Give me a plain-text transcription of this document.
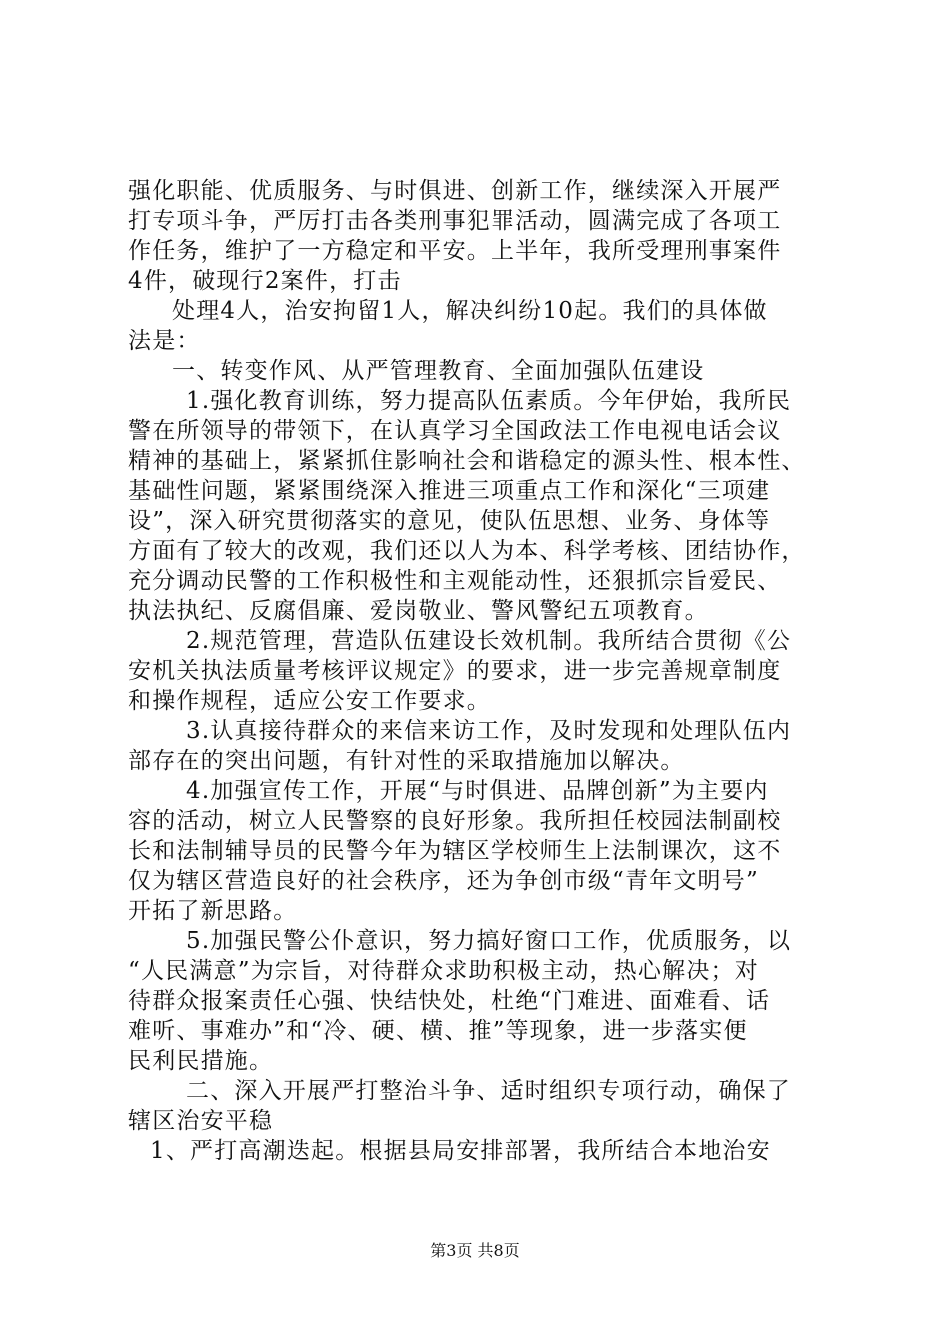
强化职能、优质服务、与时俱进、创新工作，继续深入开展严
打专项斗争，严厉打击各类刑事犯罪活动，圆满完成了各项工
作任务，维护了一方稳定和平安。上半年，我所受理刑事案件
4件，破现行2案件，打击
处理4人，治安拘留1人，解决纠纷10起。我们的具体做
法是：
一、转变作风、从严管理教育、全面加强队伍建设
1.强化教育训练，努力提高队伍素质。今年伊始，我所民
警在所领导的带领下，在认真学习全国政法工作电视电话会议
精神的基础上，紧紧抓住影响社会和谐稳定的源头性、根本性、
基础性问题，紧紧围绕深入推进三项重点工作和深化“三项建
设”，深入研究贯彻落实的意见，使队伍思想、业务、身体等
方面有了较大的改观，我们还以人为本、科学考核、团结协作，
充分调动民警的工作积极性和主观能动性，还狠抓宗旨爱民、
执法执纪、反腐倡廉、爱岗敬业、警风警纪五项教育。
2.规范管理，营造队伍建设长效机制。我所结合贯彻《公
安机关执法质量考核评议规定》的要求，进一步完善规章制度
和操作规程，适应公安工作要求。
3.认真接待群众的来信来访工作，及时发现和处理队伍内
部存在的突出问题，有针对性的采取措施加以解决。
4.加强宣传工作，开展“与时俱进、品牌创新”为主要内
容的活动，树立人民警察的良好形象。我所担任校园法制副校
长和法制辅导员的民警今年为辖区学校师生上法制课次，这不
仅为辖区营造良好的社会秩序，还为争创市级“青年文明号”
开拓了新思路。
5.加强民警公仆意识，努力搞好窗口工作，优质服务，以
“人民满意”为宗旨，对待群众求助积极主动，热心解决；对
待群众报案责任心强、快结快处，杜绝“门难进、面难看、话
难听、事难办”和“冷、硬、横、推”等现象，进一步落实便
民利民措施。
二、深入开展严打整治斗争、适时组织专项行动，确保了
辖区治安平稳
1、严打高潮迭起。根据县局安排部署，我所结合本地治安
第3页 共8页
